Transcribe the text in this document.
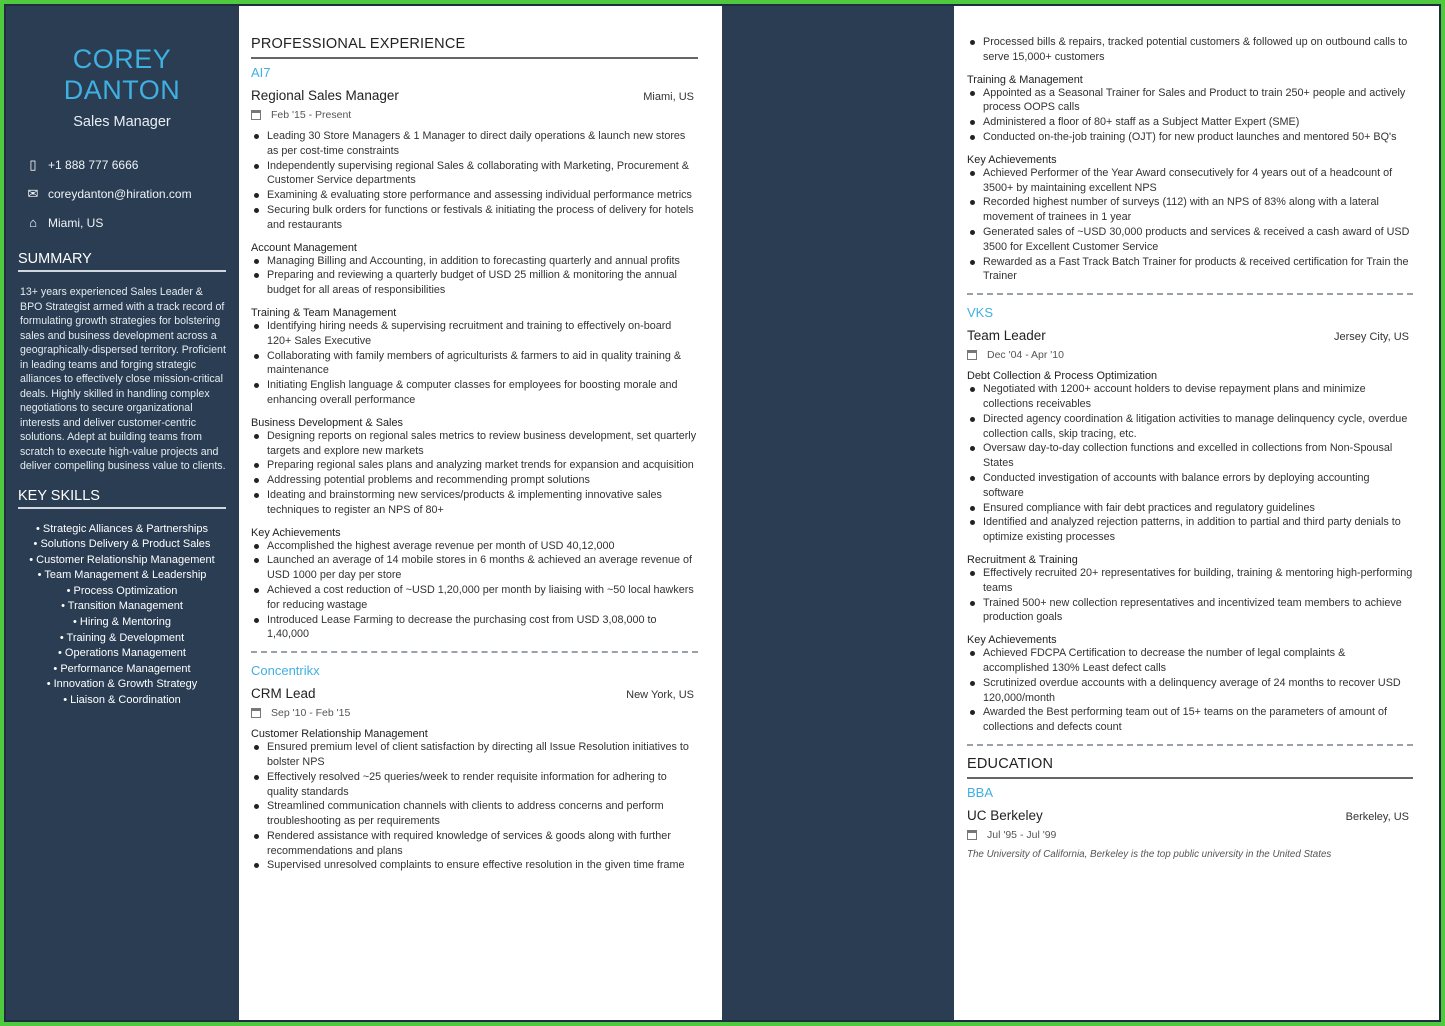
COREY DANTON
Sales Manager
▯ +1 888 777 6666
✉ coreydanton@hiration.com
⌂ Miami, US
SUMMARY

13+ years experienced Sales Leader & BPO Strategist armed with a track record of formulating growth strategies for bolstering sales and business development across a geographically-dispersed territory. Proficient in leading teams and forging strategic alliances to effectively close mission-critical deals. Highly skilled in handling complex negotiations to secure organizational interests and deliver customer-centric solutions. Adept at building teams from scratch to execute high-value projects and deliver compelling business value to clients.

KEY SKILLS
• Strategic Alliances & Partnerships
• Solutions Delivery & Product Sales
• Customer Relationship Management
• Team Management & Leadership
• Process Optimization
• Transition Management
• Hiring & Mentoring
• Training & Development
• Operations Management
• Performance Management
• Innovation & Growth Strategy
• Liaison & Coordination
PROFESSIONAL EXPERIENCE
AI7
Regional Sales Manager	Miami, US
Feb '15 - Present
Leading 30 Store Managers & 1 Manager to direct daily operations & launch new stores as per cost-time constraints
Independently supervising regional Sales & collaborating with Marketing, Procurement & Customer Service departments
Examining & evaluating store performance and assessing individual performance metrics
Securing bulk orders for functions or festivals & initiating the process of delivery for hotels and restaurants
Account Management
Managing Billing and Accounting, in addition to forecasting quarterly and annual profits
Preparing and reviewing a quarterly budget of USD 25 million & monitoring the annual budget for all areas of responsibilities
Training & Team Management
Identifying hiring needs & supervising recruitment and training to effectively on-board 120+ Sales Executive
Collaborating with family members of agriculturists & farmers to aid in quality training & maintenance
Initiating English language & computer classes for employees for boosting morale and enhancing overall performance
Business Development & Sales
Designing reports on regional sales metrics to review business development, set quarterly targets and explore new markets
Preparing regional sales plans and analyzing market trends for expansion and acquisition
Addressing potential problems and recommending prompt solutions
Ideating and brainstorming new services/products & implementing innovative sales techniques to register an NPS of 80+
Key Achievements
Accomplished the highest average revenue per month of USD 40,12,000
Launched an average of 14 mobile stores in 6 months & achieved an average revenue of USD 1000 per day per store
Achieved a cost reduction of ~USD 1,20,000 per month by liaising with ~50 local hawkers for reducing wastage
Introduced Lease Farming to decrease the purchasing cost from USD 3,08,000 to 1,40,000
Concentrikx
CRM Lead	New York, US
Sep '10 - Feb '15
Customer Relationship Management
Ensured premium level of client satisfaction by directing all Issue Resolution initiatives to bolster NPS
Effectively resolved ~25 queries/week to render requisite information for adhering to quality standards
Streamlined communication channels with clients to address concerns and perform troubleshooting as per requirements
Rendered assistance with required knowledge of services & goods along with further recommendations and plans
Supervised unresolved complaints to ensure effective resolution in the given time frame
Processed bills & repairs, tracked potential customers & followed up on outbound calls to serve 15,000+ customers
Training & Management
Appointed as a Seasonal Trainer for Sales and Product to train 250+ people and actively process OOPS calls
Administered a floor of 80+ staff as a Subject Matter Expert (SME)
Conducted on-the-job training (OJT) for new product launches and mentored 50+ BQ's
Key Achievements
Achieved Performer of the Year Award consecutively for 4 years out of a headcount of 3500+ by maintaining excellent NPS
Recorded highest number of surveys (112) with an NPS of 83% along with a lateral movement of trainees in 1 year
Generated sales of ~USD 30,000 products and services & received a cash award of USD 3500 for Excellent Customer Service
Rewarded as a Fast Track Batch Trainer for products & received certification for Train the Trainer
VKS
Team Leader	Jersey City, US
Dec '04 - Apr '10
Debt Collection & Process Optimization
Negotiated with 1200+ account holders to devise repayment plans and minimize collections receivables
Directed agency coordination & litigation activities to manage delinquency cycle, overdue collection calls, skip tracing, etc.
Oversaw day-to-day collection functions and excelled in collections from Non-Spousal States
Conducted investigation of accounts with balance errors by deploying accounting software
Ensured compliance with fair debt practices and regulatory guidelines
Identified and analyzed rejection patterns, in addition to partial and third party denials to optimize existing processes
Recruitment & Training
Effectively recruited 20+ representatives for building, training & mentoring high-performing teams
Trained 500+ new collection representatives and incentivized team members to achieve production goals
Key Achievements
Achieved FDCPA Certification to decrease the number of legal complaints & accomplished 130% Least defect calls
Scrutinized overdue accounts with a delinquency average of 24 months to recover USD 120,000/month
Awarded the Best performing team out of 15+ teams on the parameters of amount of collections and defects count
EDUCATION
BBA
UC Berkeley	Berkeley, US
Jul '95 - Jul '99
The University of California, Berkeley is the top public university in the United States
